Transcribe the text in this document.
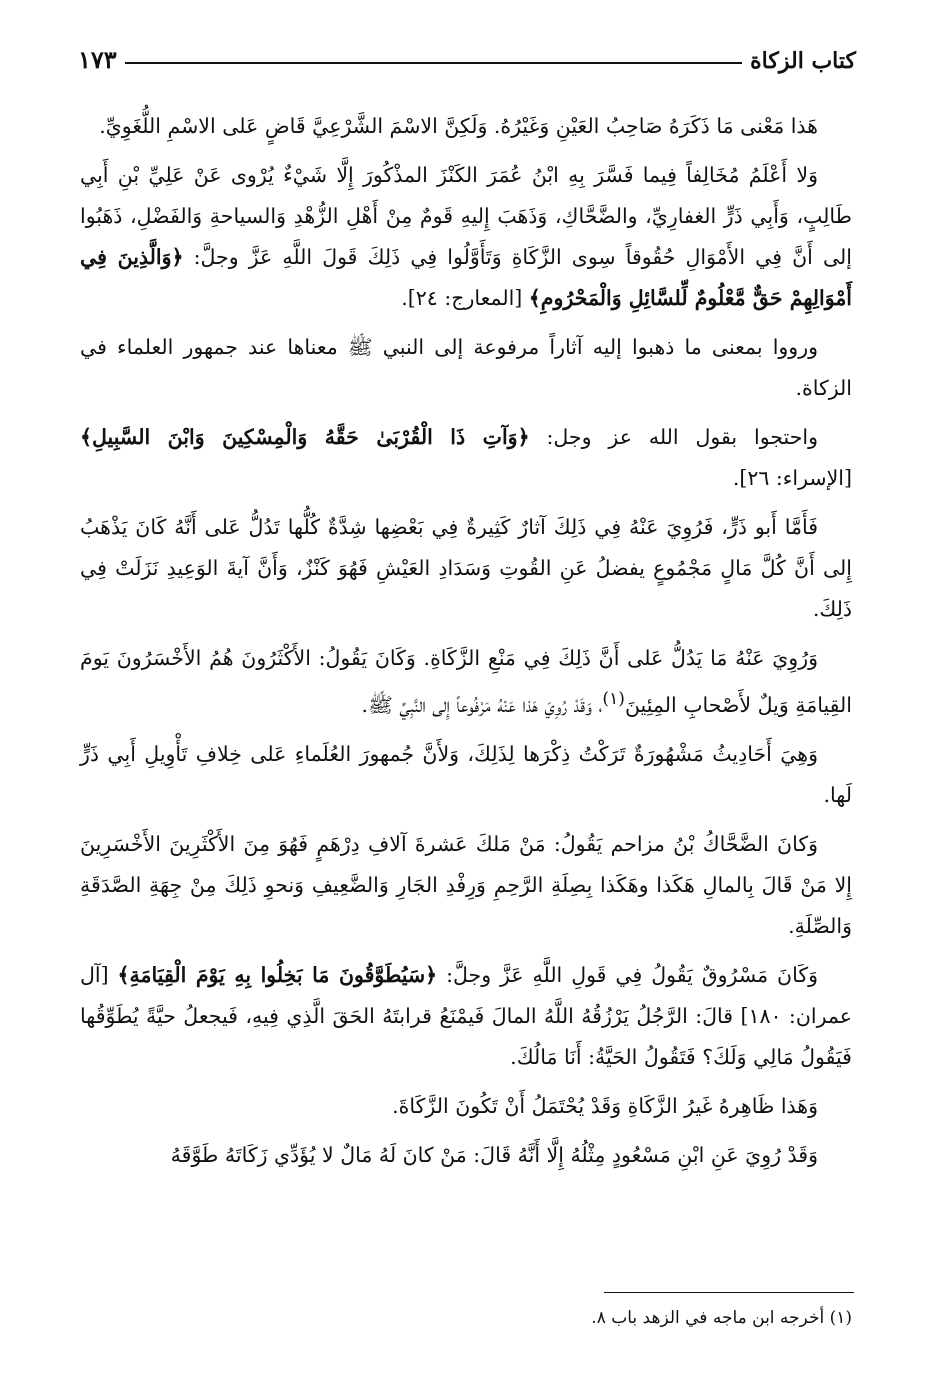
كتاب الزكاة
١٧٣

هَذا مَعْنى مَا ذَكَرَهُ صَاحِبُ العَيْنِ وَغَيْرُهُ. وَلَكِنَّ الاسْمَ الشَّرْعِيَّ قَاضٍ عَلى الاسْمِ اللُّغَوِيِّ.

وَلا أَعْلَمُ مُخَالِفاً فِيما فَسَّرَ بِهِ ابْنُ عُمَرَ الكَنْزَ المذْكُورَ إِلَّا شَيْءٌ يُرْوى عَنْ عَلِيِّ بْنِ أَبِي طَالِبٍ، وَأَبِي ذَرٍّ الغفارِيِّ، والضَّحَّاكِ، وَذَهَبَ إِليهِ قَومٌ مِنْ أَهْلِ الزُّهْدِ وَالسياحةِ وَالفَضْلِ، ذَهَبُوا إلى أَنَّ فِي الأَمْوَالِ حُقُوقاً سِوى الزَّكَاةِ وَتَأَوَّلُوا فِي ذَلِكَ قَولَ اللَّهِ عَزَّ وجلَّ: ﴿وَالَّذِينَ فِي أَمْوَالِهِمْ حَقٌّ مَّعْلُومٌ لِّلسَّائِلِ وَالْمَحْرُومِ﴾ [المعارج: ٢٤].

ورووا بمعنى ما ذهبوا إليه آثاراً مرفوعة إلى النبي ﷺ معناها عند جمهور العلماء في الزكاة.

واحتجوا بقول الله عز وجل: ﴿وَآتِ ذَا الْقُرْبَىٰ حَقَّهُ وَالْمِسْكِينَ وَابْنَ السَّبِيلِ﴾ [الإسراء: ٢٦].

فَأَمَّا أَبو ذَرٍّ، فَرُوِيَ عَنْهُ فِي ذَلِكَ آثارٌ كَثِيرةٌ فِي بَعْضِها شِدَّةٌ كُلُّها تَدُلُّ عَلى أَنَّهُ كَانَ يَذْهَبُ إِلى أَنَّ كُلَّ مَالٍ مَجْمُوعٍ يفضلُ عَنِ القُوتِ وَسَدَادِ العَيْشِ فَهُوَ كَنْزٌ، وَأَنَّ آيةَ الوَعِيدِ نَزَلَتْ فِي ذَلِكَ.

وَرُوِيَ عَنْهُ مَا يَدُلُّ عَلى أَنَّ ذَلِكَ فِي مَنْعِ الزَّكَاةِ. وَكَانَ يَقُولُ: الأَكْثَرُونَ هُمُ الأَخْسَرُونَ يَومَ القِيامَةِ وَيلٌ لأَصْحابِ المِئِينَ$^{(١)}$، وَقَدْ رُوِيَ هَذا عَنْهُ مَرْفُوعاً إِلى النَّبِيِّ ﷺ.

وَهِيَ أَحَادِيثُ مَشْهُورَةٌ تَرَكْتُ ذِكْرَها لِذَلِكَ، وَلأَنَّ جُمهورَ العُلَماءِ عَلى خِلافِ تَأْوِيلِ أَبِي ذَرٍّ لَها.

وَكانَ الضَّحَّاكُ بْنُ مزاحم يَقُولُ: مَنْ مَلكَ عَشرةَ آلافِ دِرْهَمٍ فَهُوَ مِنَ الأَكْثَرِينَ الأَخْسَرِينَ إِلا مَنْ قَالَ بِالمالِ هَكَذا وهَكَذا بِصِلَةِ الرَّحِمِ وَرِفْدِ الجَارِ وَالضَّعِيفِ وَنحوِ ذَلِكَ مِنْ جِهَةِ الصَّدَقَةِ وَالصِّلَةِ.

وَكَانَ مَسْرُوقٌ يَقُولُ فِي قَولِ اللَّهِ عَزَّ وجلَّ: ﴿سَيُطَوَّقُونَ مَا بَخِلُوا بِهِ يَوْمَ الْقِيَامَةِ﴾ [آل عمران: ١٨٠] قالَ: الرَّجُلُ يَرْزُقُهُ اللَّهُ المالَ فَيمْنَعُ قرابتَهُ الحَقَ الَّذِي فِيهِ، فَيجعلُ حيَّةً يُطَوِّقُها فَيَقُولُ مَالِي وَلَكَ؟ فَتَقُولُ الحَيَّةُ: أَنَا مَالُكَ.

وَهَذا ظَاهِرهُ غَيرُ الزَّكَاةِ وَقَدْ يُحْتَمَلُ أَنْ تَكُونَ الزَّكَاةَ.

وَقَدْ رُوِيَ عَنِ ابْنِ مَسْعُودٍ مِثْلُهُ إِلَّا أَنَّهُ قَالَ: مَنْ كانَ لَهُ مَالٌ لا يُؤَدِّي زَكَاتَهُ طَوَّقَهُ

(١) أخرجه ابن ماجه في الزهد باب ٨.
